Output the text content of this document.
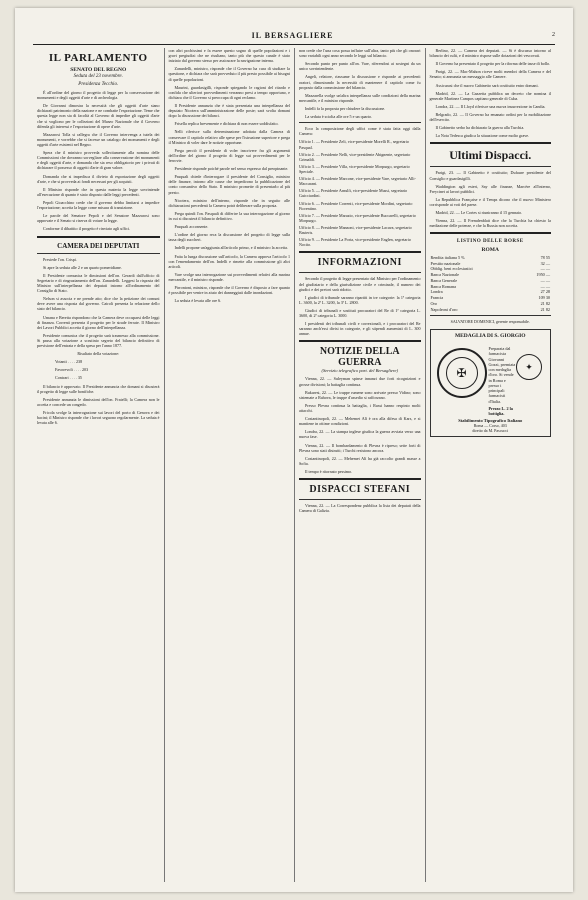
IL BERSAGLIERE	2
IL PARLAMENTO
SENATO DEL REGNO
Seduta del 23 novembre.
Presidenza Tecchio.

È all'ordine del giorno il progetto di legge per la conservazione dei monumenti e degli oggetti d'arte e di archeologia.

De Giovanni dimostra la necessità che gli oggetti d'arte siano dichiarati patrimonio della nazione e ne combatte l'esportazione. Teme che questa legge non sia di facoltà al Governo di impedire gli oggetti d'arte che si vogliono per le collezioni del Museo Nazionale che il Governo difenda gli interessi e l'esportazione di opere d'arte.

Mazzarosi Tolla si rallegra che il Governo intervenga a tutela dei monumenti, e vorrebbe che si facesse un catalogo dei monumenti e degli oggetti d'arte esistenti nel Regno.

Spera che il ministro provveda sollecitamente alla nomina delle Commissioni che dovranno sorvegliare alla conservazione dei monumenti e degli oggetti d'arte, e domanda che sia reso obbligatorio per i privati di dichiarare il possesso di oggetti d'arte di gran valore.

Domanda che si impedisca il divieto di esportazione degli oggetti d'arte, e che si provveda ai fondi necessari per gli acquisti.

Il Ministro risponde che in questa materia la legge sovrintende all'esecuzione di quanto è stato disposto dalle leggi precedenti.

Pepoli Gioacchino crede che il governo debba limitarsi a impedire l'esportazione; accetta la legge come misura di transizione.

Le parole del Senatore Pepoli e del Senatore Mazzarosi sono approvate e il Senato si riserva di votare la legge.

Conforme il dibattito il progetto è rinviato agli uffici.

CAMERA DEI DEPUTATI

Presiede l'on. Crispi.

Si apre la seduta alle 2 e un quarto pomeridiane.

Il Presidente comunica le dimissioni dell'on. Gerardi dall'ufficio di Segretario e di ringraziamento dell'on. Zanardelli. Leggesi la risposta del Ministro sull'interpellanza dei deputati intorno all'ordinamento del Consiglio di Stato.

Nelson si associa e ne prende atto; dice che la petizione dei comuni deve avere una risposta dal governo. Cairoli presenta la relazione dello stato del bilancio.

Umana e Beretta rispondono che la Camera deve occuparsi delle leggi di finanza. Correnti presenta il progetto per le strade ferrate. Il Ministro dei Lavori Pubblici accetta il giorno dell'interpellanza.

Presidente comunica che il progetto sarà trasmesso alla commissione. Si passa alla votazione a scrutinio segreto del bilancio definitivo di previsione dell'entrata e della spesa per l'anno 1877.

Risultato della votazione:

Votanti . . . . 238
Favorevoli . . . . 203
Contrari . . . . 35

Il bilancio è approvato. Il Presidente annuncia che domani si discuterà il progetto di legge sulle bonifiche.

Presidente annunzia le dimissioni dell'on. Fratelli; la Camera non le accetta e concede un congedo.

Fricola svolge la interrogazione sui lavori del porto di Genova e dei bacini; il Ministro risponde che i lavori seguono regolarmente. La seduta è levata alle 6.

con altri pochissimi e fa essere questo sogno di quelle popolazioni e i gravi pregiudizi che ne risultano, tanto più che questo canale è stato iniziato dal governo stesso per assicurare la navigazione interna.

Zanardelli, ministro, risponde che il Governo ha cura di studiare la questione, e dichiara che sarà provveduto il più presto possibile ai bisogni di quelle popolazioni.

Maurini, guardasigilli, risponde spiegando le ragioni del ritardo e confida che ulteriori provvedimenti verranno presi a tempo opportuno, e dichiara che il Governo si preoccupa di ogni reclamo.

Il Presidente annunzia che è stata presentata una interpellanza del deputato Nicotera sull'amministrazione delle poste; sarà svolta domani dopo la discussione dei bilanci.

Frisella replica brevemente e dichiara di non essere soddisfatto.

Nelli riferisce sulla determinazione adottata dalla Camera di conservare il capitolo relativo alle spese per l'istruzione superiore e prega il Ministro di voler dare le notizie opportune.

Prega perciò il presidente di voler inscrivere fra gli argomenti dell'ordine del giorno il progetto di legge sui provvedimenti per le ferrovie.

Presidente risponde poiché parole nel senso espresso dal preopinante.

Pasquali chiede d'interrogare il presidente del Consiglio, ministro delle finanze, intorno alle cause che impedirono la pubblicazione del conto consuntivo dello Stato. Il ministro promette di presentarlo al più presto.

Nicotera, ministro dell'interno, risponde che in seguito alle dichiarazioni precedenti la Camera potrà deliberare sulla proposta.

Prega quindi l'on. Pasquali di differire la sua interrogazione al giorno in cui si discuterà il bilancio definitivo.

Pasquali acconsente.

L'ordine del giorno reca la discussione del progetto di legge sulla tassa degli zuccheri.

Indelli propone un'aggiunta all'articolo primo, e il ministro la accetta.

Fatta la lunga discussione sull'articolo, la Camera approva l'articolo 1 con l'emendamento dell'on. Indelli e rimette alla commissione gli altri articoli.

Vare svolge una interrogazione sui provvedimenti relativi alla marina mercantile, e il ministro risponde.

Pirrontoni, ministro, risponde che il Governo è disposto a fare quanto è possibile per venire in aiuto dei danneggiati dalle inondazioni.

La seduta è levata alle ore 6.

non crede che l'una cosa possa influire sull'altra, tanto più che gli onorari sono variabili ogni anno secondo le leggi sul bilancio.

Secondo punto per punto all'on. Vare, riferendosi ai sostegni da un unico sovrintendente.

Angeli, relatore, riassume la discussione e risponde ai precedenti oratori, dimostrando la necessità di mantenere il capitolo come fu proposto dalla commissione del bilancio.

Mazzarella svolge un'altra interpellanza sulle condizioni della marina mercantile, e il ministro risponde.

Indelli fa la proposta per chiudere la discussione.

La seduta è sciolta alle ore 5 e un quarto.

Ecco la composizione degli uffici come è stata fatta oggi dalla Camera:

Ufficio 1. — Presidente Zeli, vice-presidente Morelli R., segretario Pasqual.

Ufficio 2. — Presidente Nelli, vice-presidente Abignente, segretario Grimaldi.

Ufficio 3. — Presidente Villa, vice-presidente Morpurgo, segretario Speciale.

Ufficio 4. — Presidente Marcone, vice-presidente Vare, segretario Alli-Maccarani.

Ufficio 5. — Presidente Arnulfi, vice-presidente Mussi, segretario Guicciardini.

Ufficio 6. — Presidente Correnti, vice-presidente Mordini, segretario Fiorentino.

Ufficio 7. — Presidente Marazio, vice-presidente Buccarelli, segretario Morpurgo.

Ufficio 8. — Presidente Manzoni, vice-presidente Lacava, segretario Basteris.

Ufficio 9. — Presidente La Porta, vice-presidente Englen, segretario Nocito.

INFORMAZIONI

Secondo il progetto di legge presentato dal Ministro per l'ordinamento del giudiziario e della giurisdizione civile e criminale, il numero dei giudici e dei pretori sarà ridotto.

I giudici di tribunale saranno ripartiti in tre categorie: la 1ª categoria L. 3600, la 2ª L. 3200, la 3ª L. 2800.

Giudici di tribunali e sostituti procuratori del Re di 1ª categoria L. 3600, di 2ª categoria L. 3000.

I presidenti dei tribunali civili e correzionali, e i procuratori del Re saranno anch'essi divisi in categorie, e gli stipendi aumentati di L. 300 annue.

NOTIZIE DELLA GUERRA
(Servizio telegrafico part. del Bersagliere)

Vienna, 22. — Suleyman spinse innanzi due forti ricognizioni e grosse divisioni; la battaglia continua.

Bukarest, 22. — Le truppe rumene sono arrivate presso Vidino; sono sistemate a Rahova, le truppe d'assedio si rafforzano.

Presso Plevna continua la battaglia, i Russi hanno respinto molti attacchi.

Costantinopoli, 22. — Mehemet Alì è ora alla difesa di Kars, e si mantiene in ottime condizioni.

Londra, 22. — La stampa inglese giudica la guerra avviata verso una nuova fase.

Vienna, 22. — Il bombardamento di Plevna è ripreso; sette forti di Plevna sono stati distrutti; i Turchi resistono ancora.

Costantinopoli, 22. — Mehemet Alì ha già raccolto grandi masse a Sofia.

Il tempo è ritornato pessimo.

DISPACCI STEFANI

Vienna, 22. — La Correspondenz pubblica la lista dei deputati della Camera di Galizia.

Berlino, 22. — Camera dei deputati. — Si è discusso intorno al bilancio dei culti, e il ministro rispose sulle dotazioni dei vescovati.

Il Governo ha presentato il progetto per la riforma delle tasse di bollo.

Parigi, 22. — Mac-Mahon riceve molti membri della Camera e del Senato; si annunzia un messaggio alle Camere.

Assicurasi che il nuovo Gabinetto sarà costituito entro domani.

Madrid, 22. — La Gazzetta pubblica un decreto che nomina il generale Martinez Campos capitano generale di Cuba.

Londra, 22. — Il Lloyd riferisce una nuova insurrezione in Candia.

Belgrado, 22. — Il Governo ha emanato ordini per la mobilitazione dell'esercito.

Il Gabinetto serbo ha dichiarato la guerra alla Turchia.

La Nota Tedesca giudica la situazione come molto grave.

Ultimi Dispacci.

Parigi, 23. — Il Gabinetto è costituito; Dufaure presidente del Consiglio e guardasigilli.

Waddington agli esteri, Say alle finanze, Marcère all'interno, Freycinet ai lavori pubblici.

La Repubblica Française e il Temps dicono che il nuovo Ministero corrisponde ai voti del paese.

Madrid, 22. — Le Cortes si riuniranno il 15 gennaio.

Vienna, 22. — Il Fremdenblatt dice che la Turchia ha chiesto la mediazione delle potenze, e che la Russia non accetta.

LISTINO DELLE BORSE
ROMA
Rendita italiana 5 %	78 55
Prestito nazionale	32 —
Obblig. beni ecclesiastici	— —
Banca Nazionale	1950 —
Banca Generale	— —
Banca Romana	— —
Londra	27 28
Francia	109 30
Oro	21 82
Napoleoni d'oro	21 82
SALVATORE DOMENICI, gerente responsabile.
MEDAGLIA DI S. GIORGIO
✠
Preparata dal farmacista Giovanni Gozzi, premiata con medaglia d'oro. Si vende in Roma e presso i principali farmacisti d'Italia.
Prezzo L. 2 la bottiglia.
✦
Stabilimento Tipografico Italiano
Roma — Corso, 403
diretto da M. Pascucci
